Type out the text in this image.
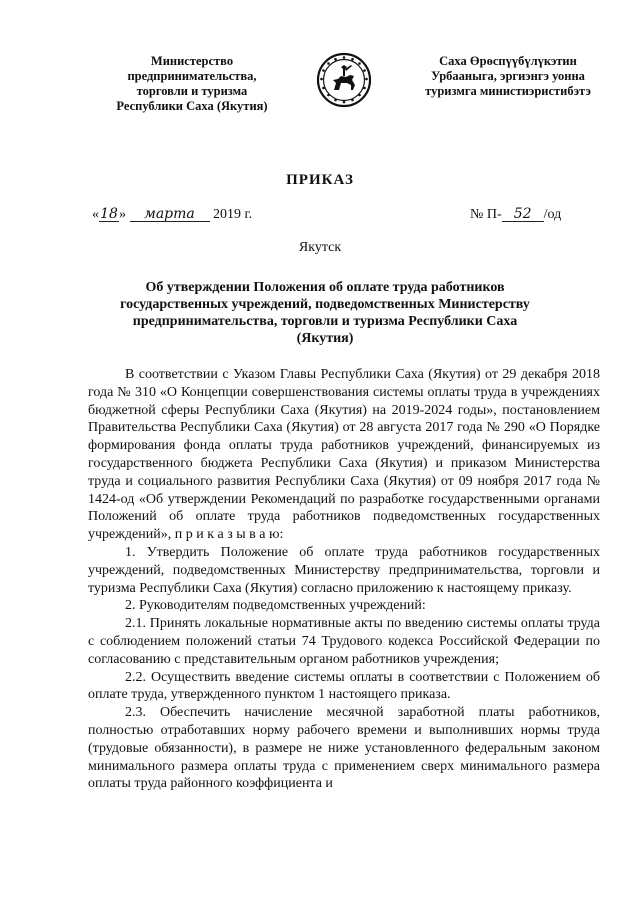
Министерство
предпринимательства,
торговли и туризма
Республики Саха (Якутия)
Саха Өрөспүүбүлүкэтин
Урбааныга, эргиэнгэ уонна
туризмга министиэристибэтэ
ПРИКАЗ
«18» марта 2019 г.	№ П- 52 /од
Якутск
Об утверждении Положения об оплате труда работников государственных учреждений, подведомственных Министерству предпринимательства, торговли и туризма Республики Саха (Якутия)

В соответствии с Указом Главы Республики Саха (Якутия) от 29 декабря 2018 года № 310 «О Концепции совершенствования системы оплаты труда в учреждениях бюджетной сферы Республики Саха (Якутия) на 2019-2024 годы», постановлением Правительства Республики Саха (Якутия) от 28 августа 2017 года № 290 «О Порядке формирования фонда оплаты труда работников учреждений, финансируемых из государственного бюджета Республики Саха (Якутия) и приказом Министерства труда и социального развития Республики Саха (Якутия) от 09 ноября 2017 года № 1424-од «Об утверждении Рекомендаций по разработке государственными органами Положений об оплате труда работников подведомственных государственных учреждений», п р и к а з ы в а ю:

1. Утвердить Положение об оплате труда работников государственных учреждений, подведомственных Министерству предпринимательства, торговли и туризма Республики Саха (Якутия) согласно приложению к настоящему приказу.

2. Руководителям подведомственных учреждений:

2.1. Принять локальные нормативные акты по введению системы оплаты труда с соблюдением положений статьи 74 Трудового кодекса Российской Федерации по согласованию с представительным органом работников учреждения;

2.2. Осуществить введение системы оплаты в соответствии с Положением об оплате труда, утвержденного пунктом 1 настоящего приказа.

2.3. Обеспечить начисление месячной заработной платы работников, полностью отработавших норму рабочего времени и выполнивших нормы труда (трудовые обязанности), в размере не ниже установленного федеральным законом минимального размера оплаты труда с применением сверх минимального размера оплаты труда районного коэффициента и
